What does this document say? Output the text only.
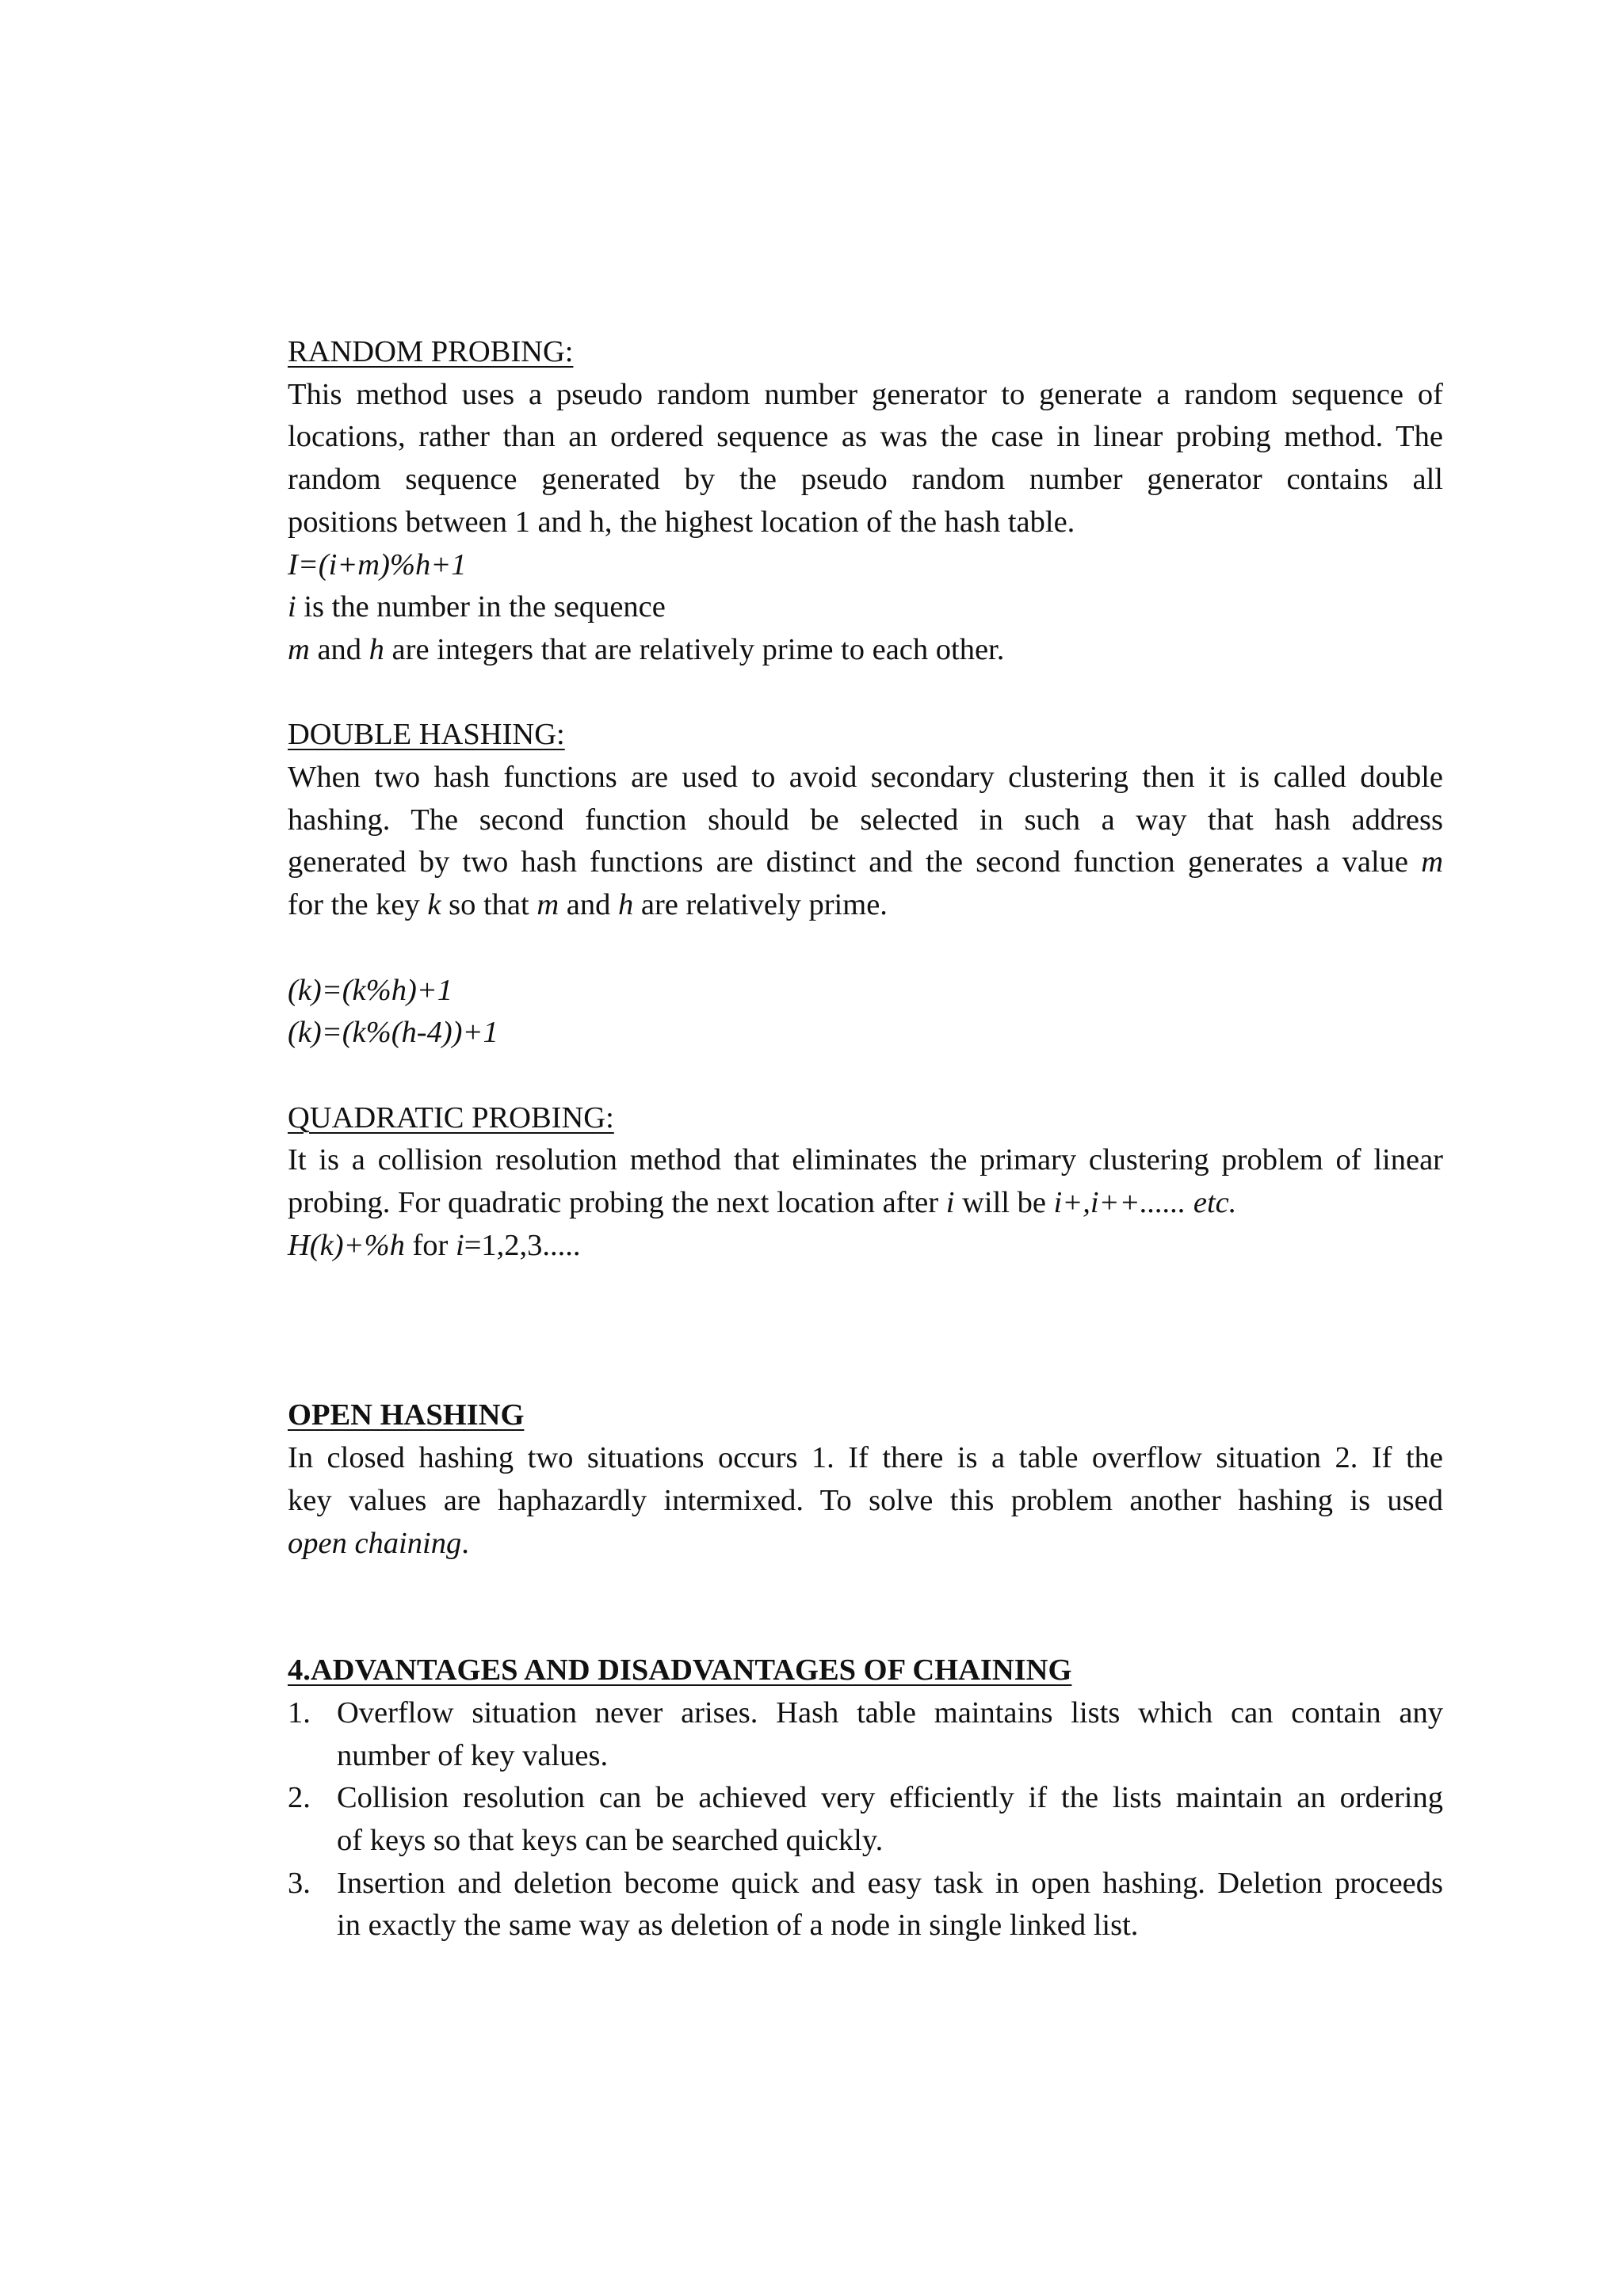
RANDOM PROBING:
This method uses a pseudo random number generator to generate a random sequence of
locations, rather than an ordered sequence as was the case in linear probing method. The
random sequence generated by the pseudo random number generator contains all
positions between 1 and h, the highest location of the hash table.
I=(i+m)%h+1
i is the number in the sequence
m and h are integers that are relatively prime to each other.
DOUBLE HASHING:
When two hash functions are used to avoid secondary clustering then it is called double
hashing. The second function should be selected in such a way that hash address
generated by two hash functions are distinct and the second function generates a value m
for the key k so that m and h are relatively prime.
(k)=(k%h)+1
(k)=(k%(h-4))+1
QUADRATIC PROBING:
It is a collision resolution method that eliminates the primary clustering problem of linear
probing. For quadratic probing the next location after i will be i+,i++...... etc.
H(k)+%h for i=1,2,3.....
OPEN HASHING
In closed hashing two situations occurs 1. If there is a table overflow situation 2. If the
key values are haphazardly intermixed. To solve this problem another hashing is used
open chaining.
4.ADVANTAGES AND DISADVANTAGES OF CHAINING
1. Overflow situation never arises. Hash table maintains lists which can contain any
number of key values.
2. Collision resolution can be achieved very efficiently if the lists maintain an ordering
of keys so that keys can be searched quickly.
3. Insertion and deletion become quick and easy task in open hashing. Deletion proceeds
in exactly the same way as deletion of a node in single linked list.
